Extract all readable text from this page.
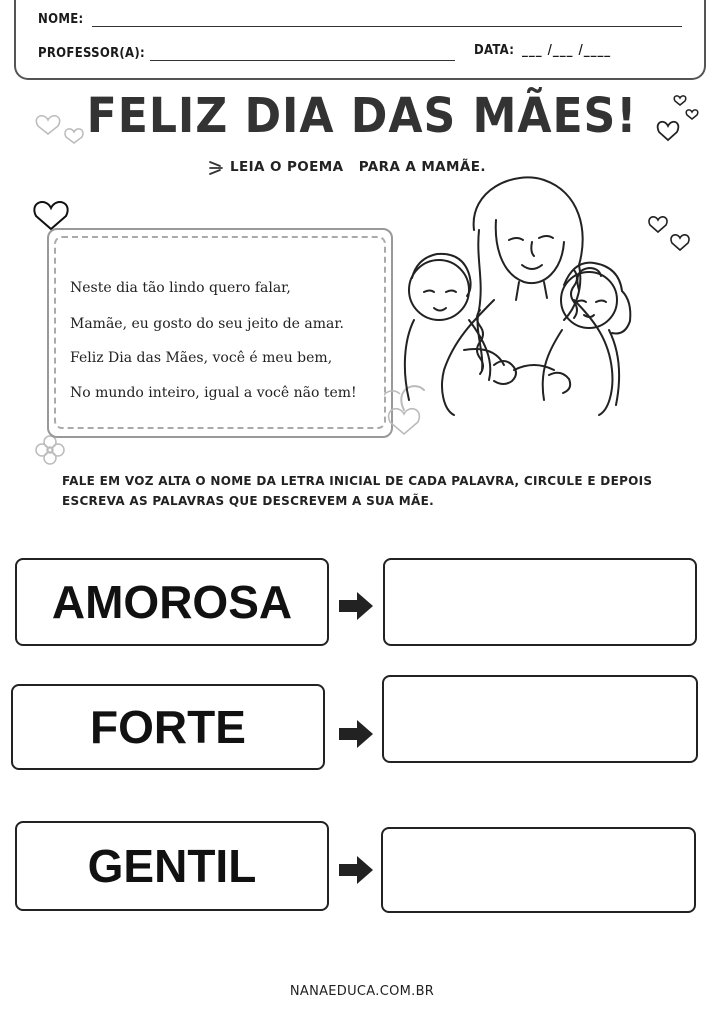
NOME:
PROFESSOR(A):	DATA: ___ /___ /____
FELIZ DIA DAS MÃES!
LEIA O POEMA   PARA A MAMÃE.
Neste dia tão lindo quero falar,
Mamãe, eu gosto do seu jeito de amar.
Feliz Dia das Mães, você é meu bem,
No mundo inteiro, igual a você não tem!
FALE EM VOZ ALTA O NOME DA LETRA INICIAL DE CADA PALAVRA, CIRCULE E DEPOIS
ESCREVA AS PALAVRAS QUE DESCREVEM A SUA MÃE.
AMOROSA
FORTE
GENTIL
NANAEDUCA.COM.BR
